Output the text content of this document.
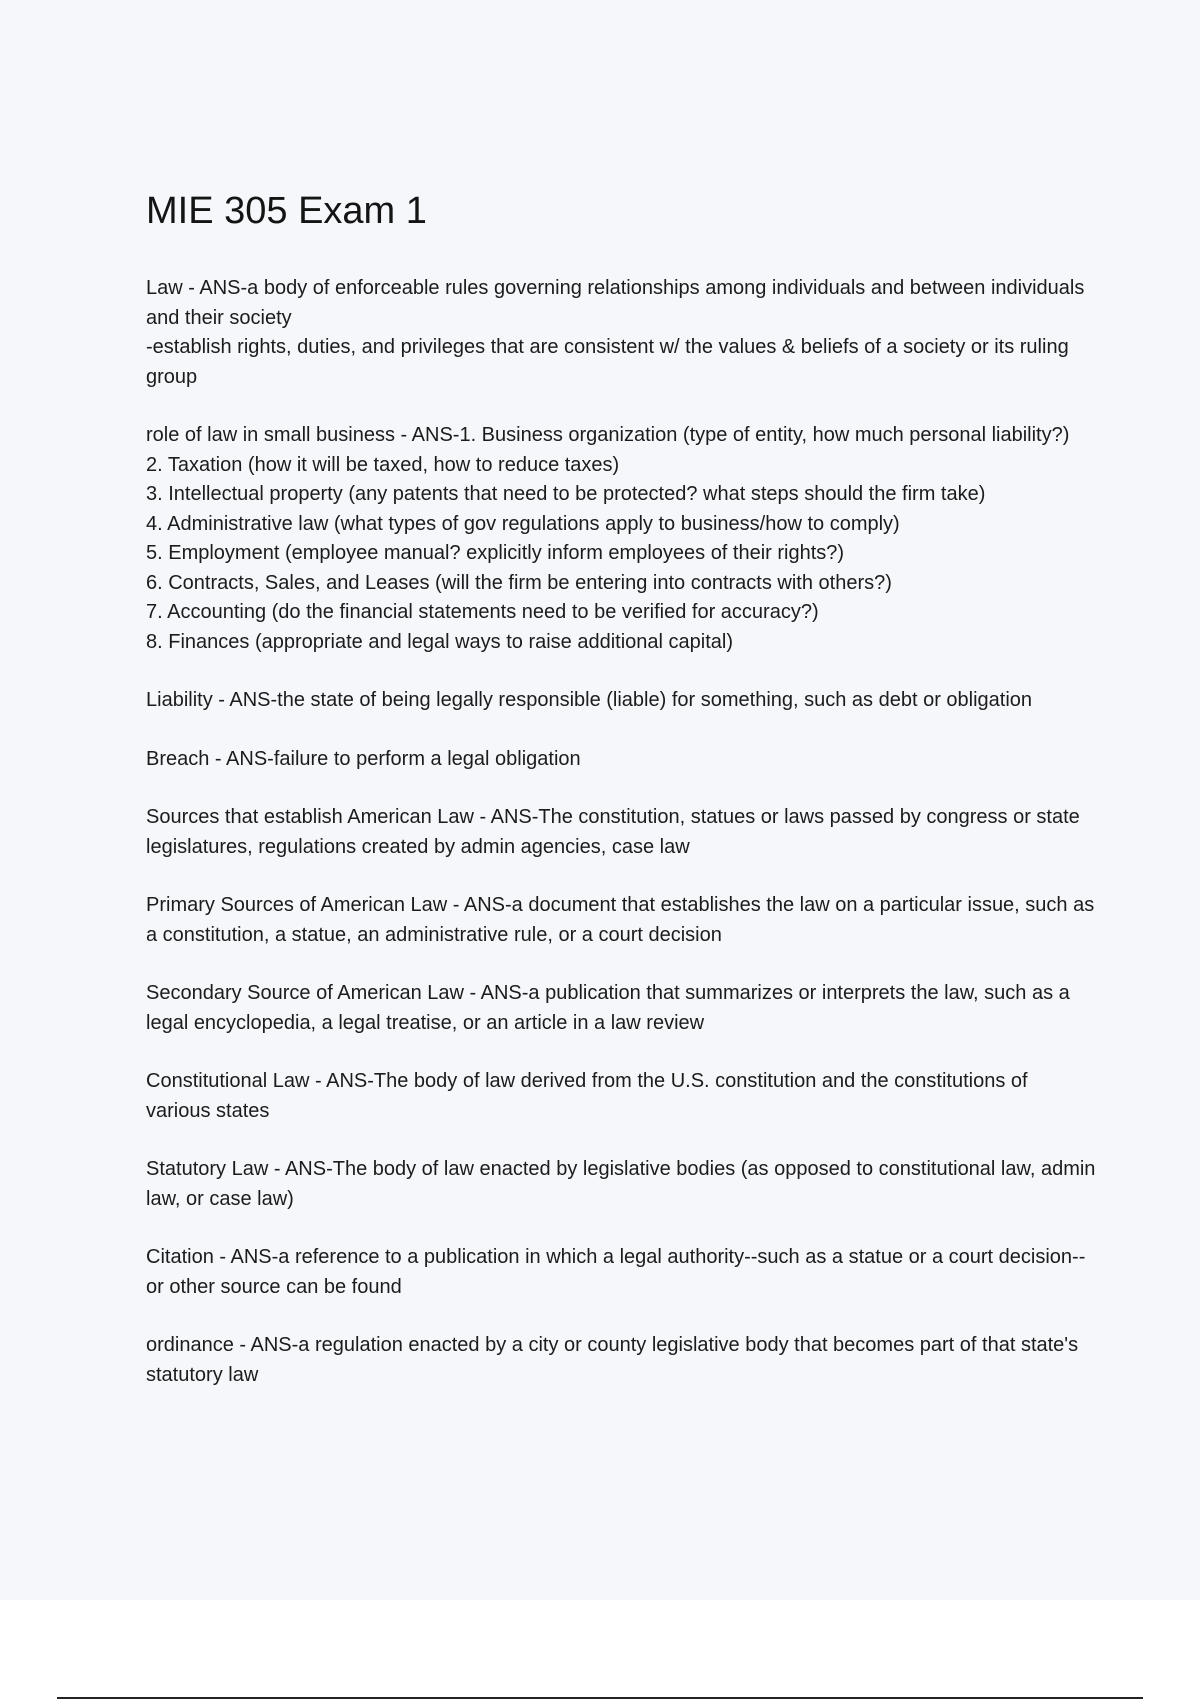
MIE 305 Exam 1

Law - ANS-a body of enforceable rules governing relationships among individuals and between individuals and their society

-establish rights, duties, and privileges that are consistent w/ the values & beliefs of a society or its ruling group

role of law in small business - ANS-1. Business organization (type of entity, how much personal liability?)

2. Taxation (how it will be taxed, how to reduce taxes)

3. Intellectual property (any patents that need to be protected? what steps should the firm take)

4. Administrative law (what types of gov regulations apply to business/how to comply)

5. Employment (employee manual? explicitly inform employees of their rights?)

6. Contracts, Sales, and Leases (will the firm be entering into contracts with others?)

7. Accounting (do the financial statements need to be verified for accuracy?)

8. Finances (appropriate and legal ways to raise additional capital)

Liability - ANS-the state of being legally responsible (liable) for something, such as debt or obligation

Breach - ANS-failure to perform a legal obligation

Sources that establish American Law - ANS-The constitution, statues or laws passed by congress or state legislatures, regulations created by admin agencies, case law

Primary Sources of American Law - ANS-a document that establishes the law on a particular issue, such as a constitution, a statue, an administrative rule, or a court decision

Secondary Source of American Law - ANS-a publication that summarizes or interprets the law, such as a legal encyclopedia, a legal treatise, or an article in a law review

Constitutional Law - ANS-The body of law derived from the U.S. constitution and the constitutions of various states

Statutory Law - ANS-The body of law enacted by legislative bodies (as opposed to constitutional law, admin law, or case law)

Citation - ANS-a reference to a publication in which a legal authority--such as a statue or a court decision-- or other source can be found

ordinance - ANS-a regulation enacted by a city or county legislative body that becomes part of that state's statutory law
